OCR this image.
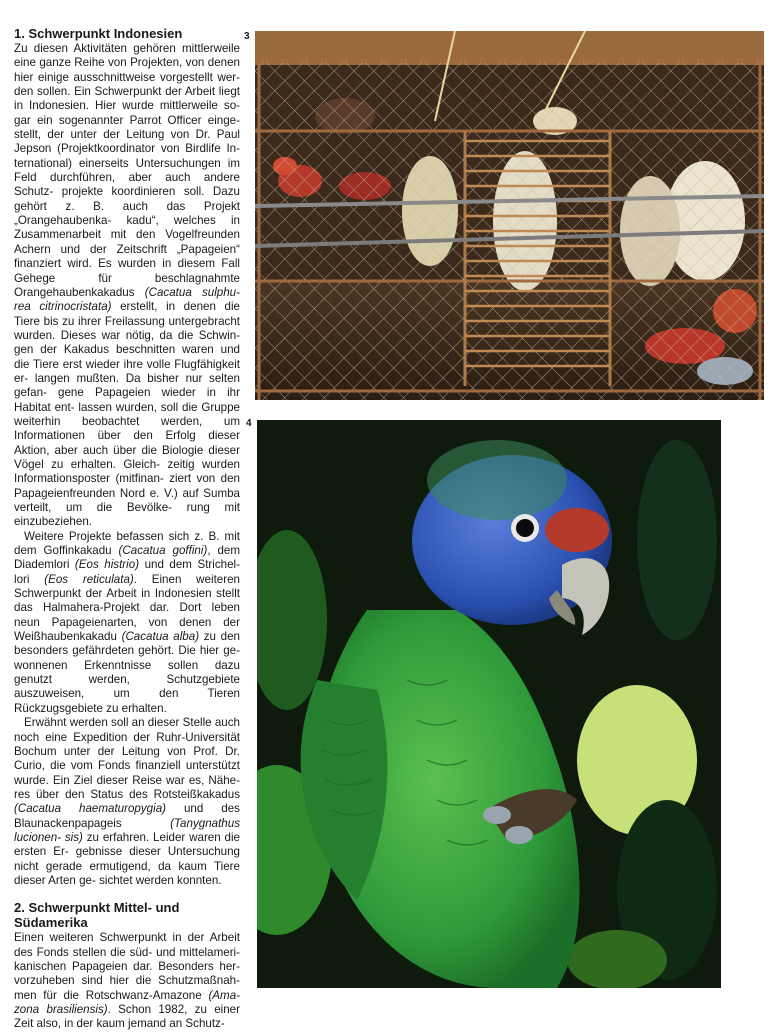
1. Schwerpunkt Indonesien

Zu diesen Aktivitäten gehören mittlerweile eine ganze Reihe von Projekten, von denen hier einige ausschnittweise vorgestellt wer- den sollen. Ein Schwerpunkt der Arbeit liegt in Indonesien. Hier wurde mittlerweile so- gar ein sogenannter Parrot Officer einge- stellt, der unter der Leitung von Dr. Paul Jepson (Projektkoordinator von Birdlife In- ternational) einerseits Untersuchungen im Feld durchführen, aber auch andere Schutz- projekte koordinieren soll. Dazu gehört z. B. auch das Projekt „Orangehaubenka- kadu“, welches in Zusammenarbeit mit den Vogelfreunden Achern und der Zeitschrift „Papageien“ finanziert wird. Es wurden in diesem Fall Gehege für beschlagnahmte Orangehaubenkakadus (Cacatua sulphu- rea citrinocristata) erstellt, in denen die Tiere bis zu ihrer Freilassung untergebracht wurden. Dieses war nötig, da die Schwin- gen der Kakadus beschnitten waren und die Tiere erst wieder ihre volle Flugfähigkeit er- langen mußten. Da bisher nur selten gefan- gene Papageien wieder in ihr Habitat ent- lassen wurden, soll die Gruppe weiterhin beobachtet werden, um Informationen über den Erfolg dieser Aktion, aber auch über die Biologie dieser Vögel zu erhalten. Gleich- zeitig wurden Informationsposter (mitfinan- ziert von den Papageienfreunden Nord e. V.) auf Sumba verteilt, um die Bevölke- rung mit einzubeziehen.

Weitere Projekte befassen sich z. B. mit dem Goffinkakadu (Cacatua goffini), dem Diademlori (Eos histrio) und dem Strichel- lori (Eos reticulata). Einen weiteren Schwerpunkt der Arbeit in Indonesien stellt das Halmahera-Projekt dar. Dort leben neun Papageienarten, von denen der Weißhaubenkakadu (Cacatua alba) zu den besonders gefährdeten gehört. Die hier ge- wonnenen Erkenntnisse sollen dazu genutzt werden, Schutzgebiete auszuweisen, um den Tieren Rückzugsgebiete zu erhalten.

Erwähnt werden soll an dieser Stelle auch noch eine Expedition der Ruhr-Universität Bochum unter der Leitung von Prof. Dr. Curio, die vom Fonds finanziell unterstützt wurde. Ein Ziel dieser Reise war es, Nähe- res über den Status des Rotsteißkakadus (Cacatua haematuropygia) und des Blaunackenpapageis (Tanygnathus lucionen- sis) zu erfahren. Leider waren die ersten Er- gebnisse dieser Untersuchung nicht gerade ermutigend, da kaum Tiere dieser Arten ge- sichtet werden konnten.

2. Schwerpunkt Mittel- und Südamerika

Einen weiteren Schwerpunkt in der Arbeit des Fonds stellen die süd- und mittelameri- kanischen Papageien dar. Besonders her- vorzuheben sind hier die Schutzmaßnah- men für die Rotschwanz-Amazone (Ama- zona brasiliensis). Schon 1982, zu einer Zeit also, in der kaum jemand an Schutz-

3
4
